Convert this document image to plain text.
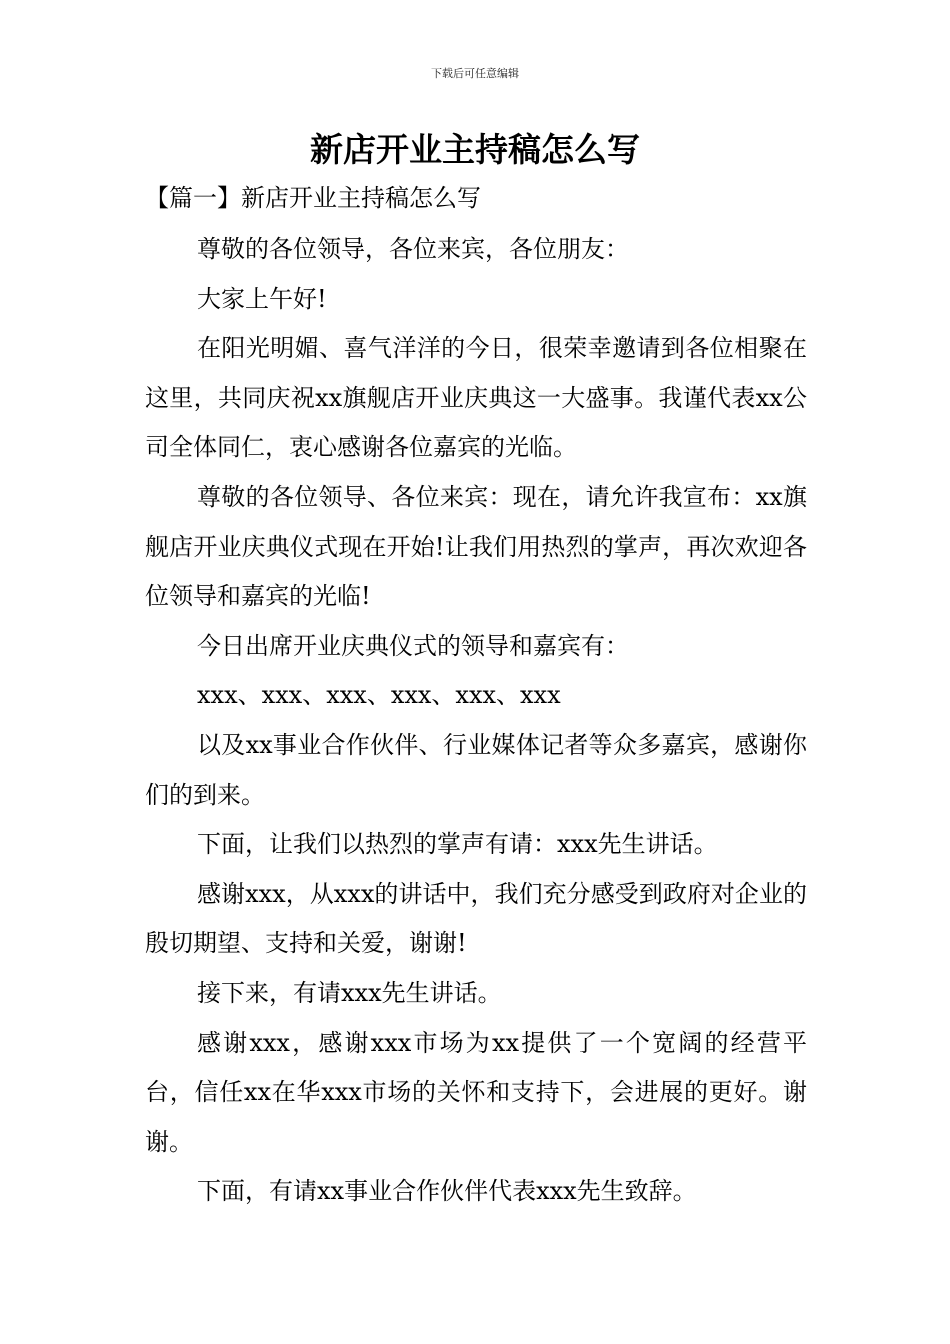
下载后可任意编辑
新店开业主持稿怎么写
【篇一】新店开业主持稿怎么写

尊敬的各位领导，各位来宾，各位朋友：

大家上午好!

在阳光明媚、喜气洋洋的今日，很荣幸邀请到各位相聚在这里，共同庆祝xx旗舰店开业庆典这一大盛事。我谨代表xx公司全体同仁，衷心感谢各位嘉宾的光临。

尊敬的各位领导、各位来宾：现在，请允许我宣布：xx旗舰店开业庆典仪式现在开始!让我们用热烈的掌声，再次欢迎各位领导和嘉宾的光临!

今日出席开业庆典仪式的领导和嘉宾有：

xxx、xxx、xxx、xxx、xxx、xxx

以及xx事业合作伙伴、行业媒体记者等众多嘉宾，感谢你们的到来。

下面，让我们以热烈的掌声有请：xxx先生讲话。

感谢xxx，从xxx的讲话中，我们充分感受到政府对企业的殷切期望、支持和关爱，谢谢!

接下来，有请xxx先生讲话。

感谢xxx，感谢xxx市场为xx提供了一个宽阔的经营平台，信任xx在华xxx市场的关怀和支持下，会进展的更好。谢谢。

下面，有请xx事业合作伙伴代表xxx先生致辞。
